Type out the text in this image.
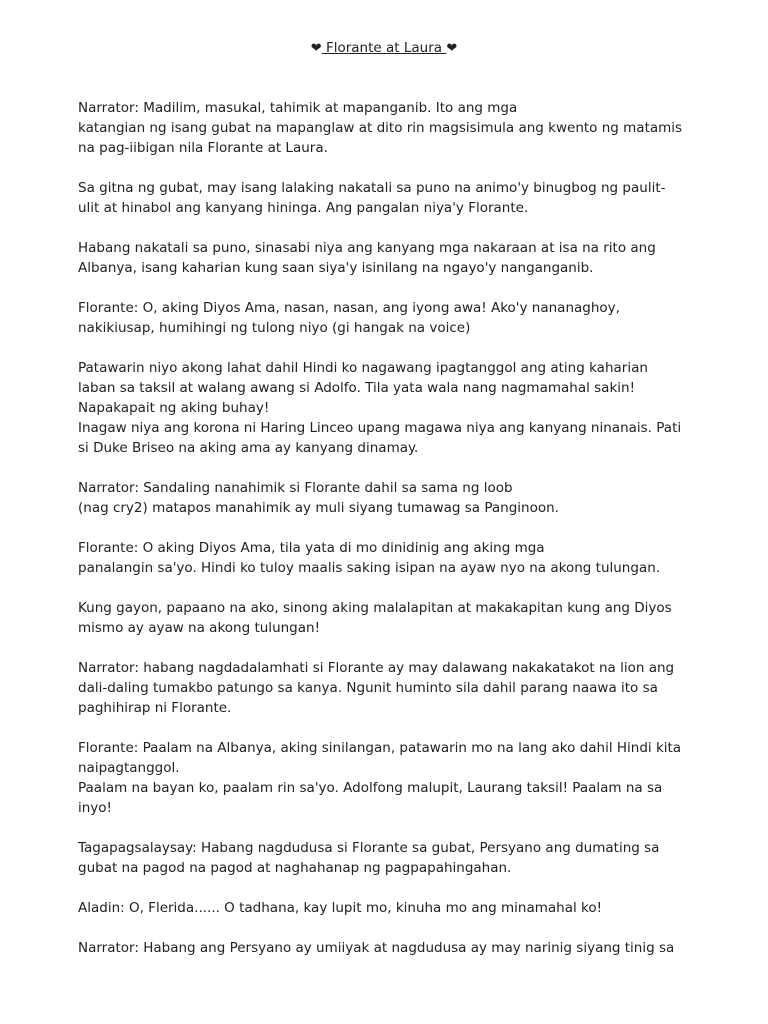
❤ Florante at Laura ❤

Narrator: Madilim, masukal, tahimik at mapanganib. Ito ang mga
katangian ng isang gubat na mapanglaw at dito rin magsisimula ang kwento ng matamis
na pag-iibigan nila Florante at Laura.

Sa gitna ng gubat, may isang lalaking nakatali sa puno na animo'y binugbog ng paulit-
ulit at hinabol ang kanyang hininga. Ang pangalan niya'y Florante.

Habang nakatali sa puno, sinasabi niya ang kanyang mga nakaraan at isa na rito ang
Albanya, isang kaharian kung saan siya'y isinilang na ngayo'y nanganganib.

Florante: O, aking Diyos Ama, nasan, nasan, ang iyong awa! Ako'y nananaghoy,
nakikiusap, humihingi ng tulong niyo (gi hangak na voice)

Patawarin niyo akong lahat dahil Hindi ko nagawang ipagtanggol ang ating kaharian
laban sa taksil at walang awang si Adolfo. Tila yata wala nang nagmamahal sakin!
Napakapait ng aking buhay!
Inagaw niya ang korona ni Haring Linceo upang magawa niya ang kanyang ninanais. Pati
si Duke Briseo na aking ama ay kanyang dinamay.

Narrator: Sandaling nanahimik si Florante dahil sa sama ng loob
(nag cry2) matapos manahimik ay muli siyang tumawag sa Panginoon.

Florante: O aking Diyos Ama, tila yata di mo dinidinig ang aking mga
panalangin sa'yo. Hindi ko tuloy maalis saking isipan na ayaw nyo na akong tulungan.

Kung gayon, papaano na ako, sinong aking malalapitan at makakapitan kung ang Diyos
mismo ay ayaw na akong tulungan!

Narrator: habang nagdadalamhati si Florante ay may dalawang nakakatakot na lion ang
dali-daling tumakbo patungo sa kanya. Ngunit huminto sila dahil parang naawa ito sa
paghihirap ni Florante.

Florante: Paalam na Albanya, aking sinilangan, patawarin mo na lang ako dahil Hindi kita
naipagtanggol.
Paalam na bayan ko, paalam rin sa'yo. Adolfong malupit, Laurang taksil! Paalam na sa
inyo!

Tagapagsalaysay: Habang nagdudusa si Florante sa gubat, Persyano ang dumating sa
gubat na pagod na pagod at naghahanap ng pagpapahingahan.

Aladin: O, Flerida...... O tadhana, kay lupit mo, kinuha mo ang minamahal ko!

Narrator: Habang ang Persyano ay umiiyak at nagdudusa ay may narinig siyang tinig sa
